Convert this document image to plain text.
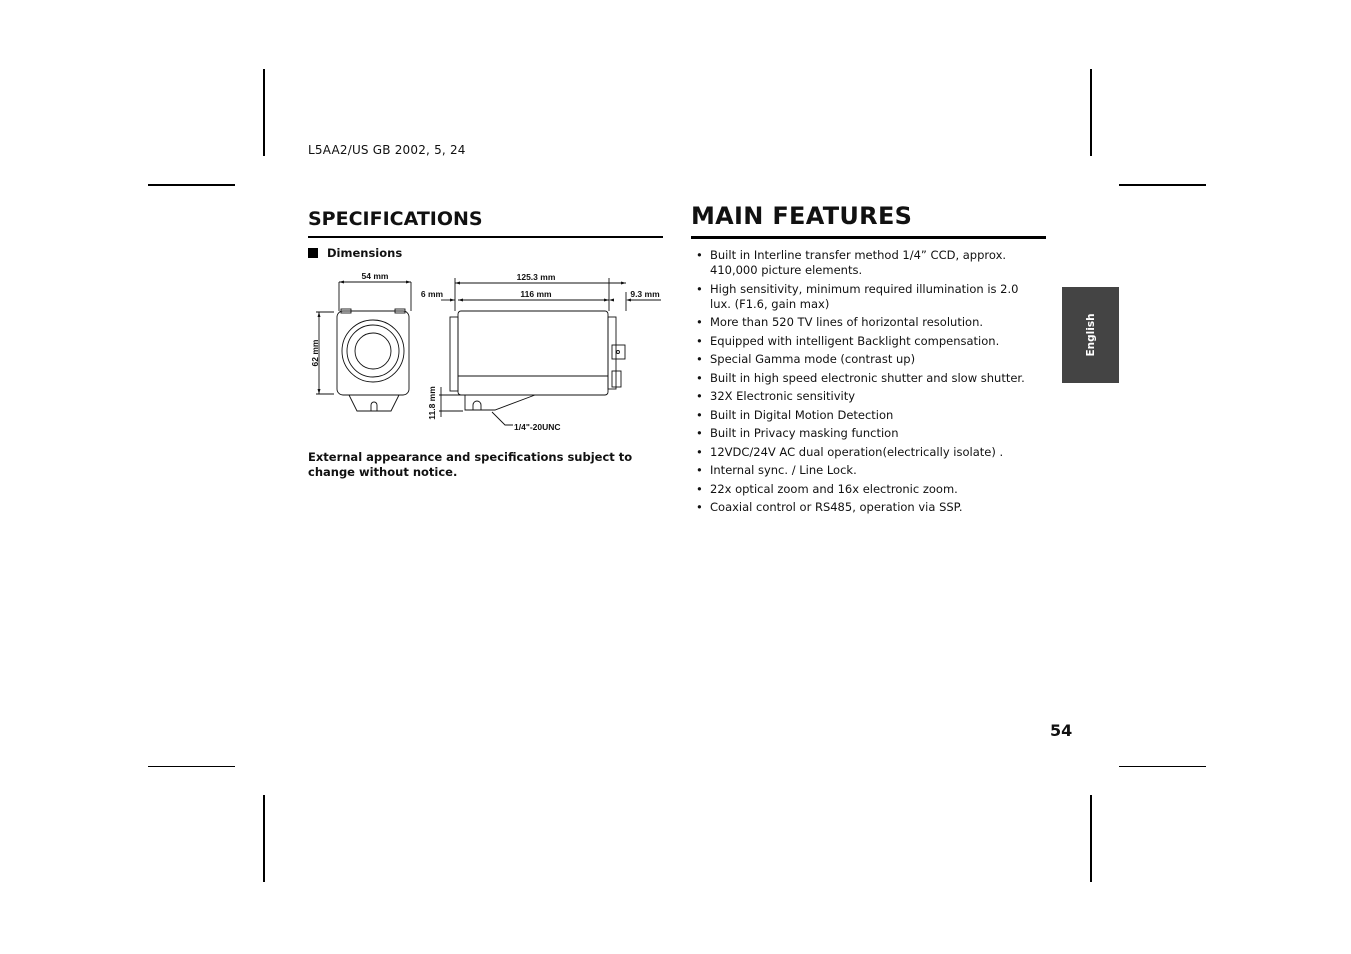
L5AA2/US GB 2002, 5, 24
SPECIFICATIONS
Dimensions
54 mm
62 mm
125.3 mm
116 mm
6 mm	9.3 mm
11.8 mm
1/4"-20UNC
External appearance and specifications subject to change without notice.
MAIN FEATURES
• Built in Interline transfer method 1/4” CCD, approx. 410,000 picture elements.
• High sensitivity, minimum required illumination is 2.0 lux. (F1.6, gain max)
• More than 520 TV lines of horizontal resolution.
• Equipped with intelligent Backlight compensation.
• Special Gamma mode (contrast up)
• Built in high speed electronic shutter and slow shutter.
• 32X Electronic sensitivity
• Built in Digital Motion Detection
• Built in Privacy masking function
• 12VDC/24V AC dual operation(electrically isolate) .
• Internal sync. / Line Lock.
• 22x optical zoom and 16x electronic zoom.
• Coaxial control or RS485, operation via SSP.
English
54
